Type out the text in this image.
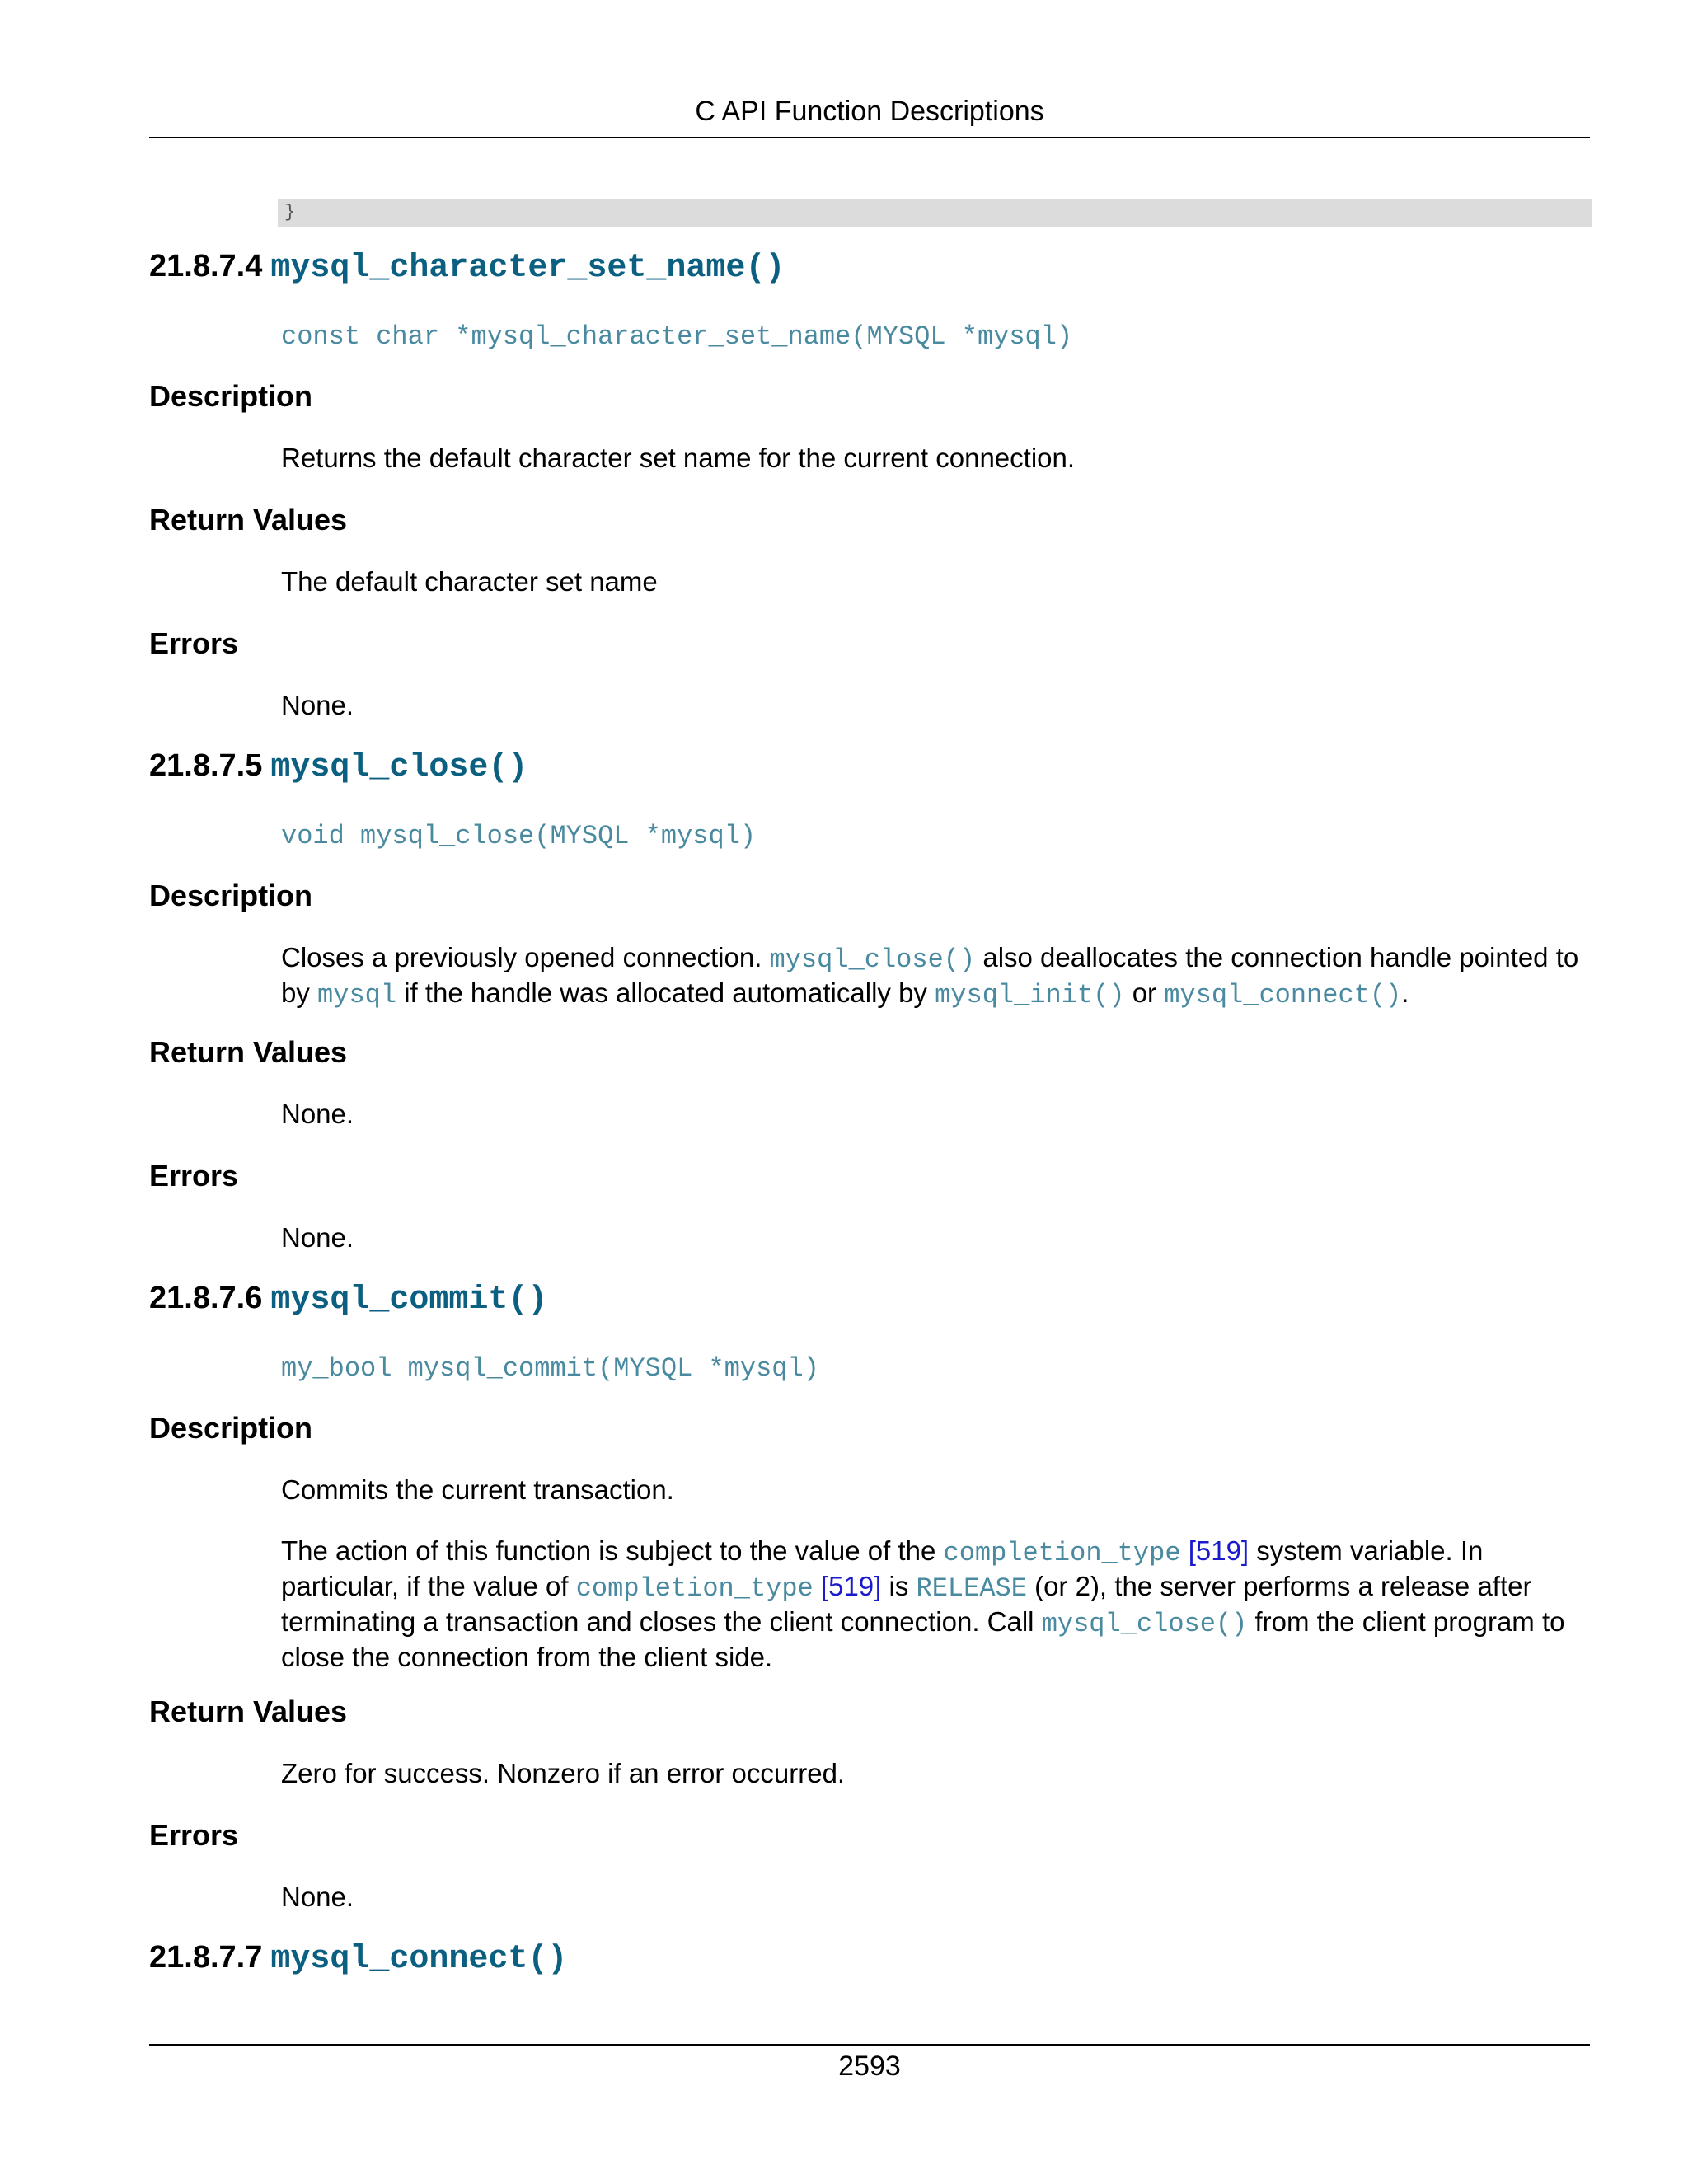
C API Function Descriptions
}
21.8.7.4 mysql_character_set_name()
const char *mysql_character_set_name(MYSQL *mysql)
Description

Returns the default character set name for the current connection.

Return Values

The default character set name

Errors

None.

21.8.7.5 mysql_close()
void mysql_close(MYSQL *mysql)
Description

Closes a previously opened connection. mysql_close() also deallocates the connection handle pointed to by mysql if the handle was allocated automatically by mysql_init() or mysql_connect().

Return Values

None.

Errors

None.

21.8.7.6 mysql_commit()
my_bool mysql_commit(MYSQL *mysql)
Description

Commits the current transaction.

The action of this function is subject to the value of the completion_type [519] system variable. In particular, if the value of completion_type [519] is RELEASE (or 2), the server performs a release after terminating a transaction and closes the client connection. Call mysql_close() from the client program to close the connection from the client side.

Return Values

Zero for success. Nonzero if an error occurred.

Errors

None.

21.8.7.7 mysql_connect()
2593
